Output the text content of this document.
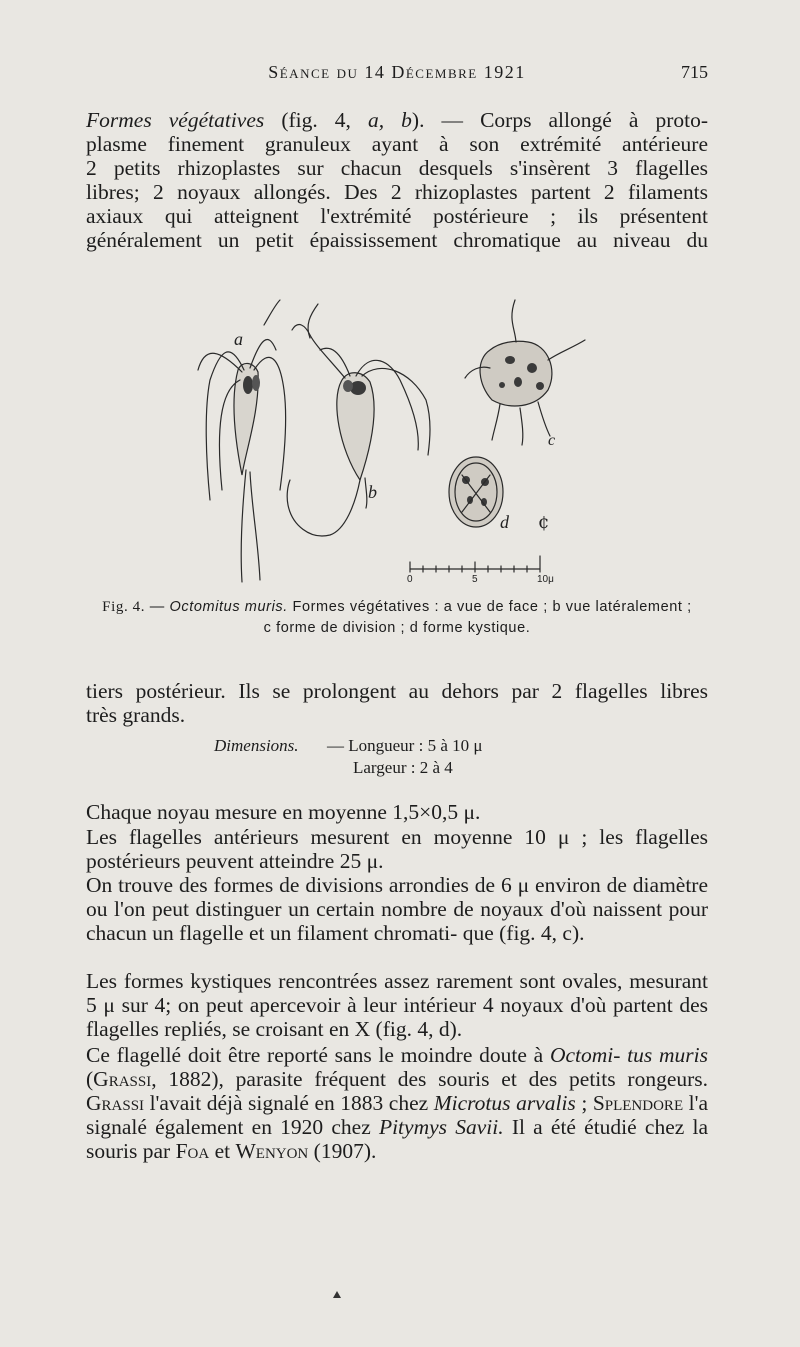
Séance du 14 Décembre 1921	715
Formes végétatives (fig. 4, a, b). — Corps allongé à proto-
plasme finement granuleux ayant à son extrémité antérieure
2 petits rhizoplastes sur chacun desquels s'insèrent 3 flagelles
libres; 2 noyaux allongés. Des 2 rhizoplastes partent 2 filaments
axiaux qui atteignent l'extrémité postérieure ; ils présentent
généralement un petit épaississement chromatique au niveau du
a
b
c
d
0	5	10μ
¢
Fig. 4. — Octomitus muris. Formes végétatives : a vue de face ; b vue latéralement ;
c forme de division ; d forme kystique.
tiers postérieur. Ils se prolongent au dehors par 2 flagelles libres
très grands.
Dimensions. — Longueur : 5 à 10 μ
Largeur : 2 à 4
Chaque noyau mesure en moyenne 1,5×0,5 μ.
Les flagelles antérieurs mesurent en moyenne 10 μ ; les flagelles postérieurs peuvent atteindre 25 μ.
On trouve des formes de divisions arrondies de 6 μ environ de diamètre ou l'on peut distinguer un certain nombre de noyaux d'où naissent pour chacun un flagelle et un filament chromati- que (fig. 4, c).
Les formes kystiques rencontrées assez rarement sont ovales, mesurant 5 μ sur 4; on peut apercevoir à leur intérieur 4 noyaux d'où partent des flagelles repliés, se croisant en X (fig. 4, d).
Ce flagellé doit être reporté sans le moindre doute à Octomi- tus muris (Grassi, 1882), parasite fréquent des souris et des petits rongeurs. Grassi l'avait déjà signalé en 1883 chez Microtus arvalis ; Splendore l'a signalé également en 1920 chez Pitymys Savii. Il a été étudié chez la souris par Foa et Wenyon (1907).
